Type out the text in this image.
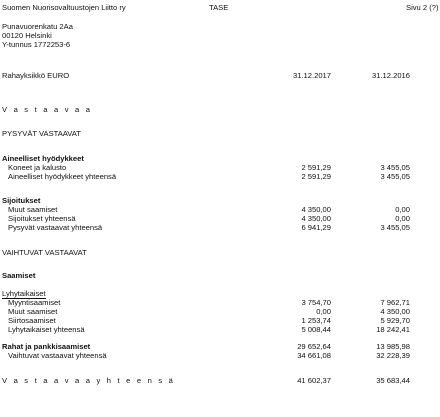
Suomen Nuorisovaltuustojen Liitto ry	TASE	Sivu 2 (?)
Punavuorenkatu 2Aa
00120 Helsinki
Y-tunnus 1772253-6
Rahayksikkö EURO	31.12.2017	31.12.2016
V a s t a a v a a
PYSYVÄT VASTAAVAT
Aineelliset hyödykkeet
Koneet ja kalusto	2 591,29	3 455,05
Aineelliset hyödykkeet yhteensä	2 591,29	3 455,05
Sijoitukset
Muut saamiset	4 350,00	0,00
Sijoitukset yhteensä	4 350,00	0,00
Pysyvät vastaavat yhteensä	6 941,29	3 455,05
VAIHTUVAT VASTAAVAT
Saamiset
Lyhytaikaiset
Myyntisaamiset	3 754,70	7 962,71
Muut saamiset	0,00	4 350,00
Siirtosaamiset	1 253,74	5 929,70
Lyhytaikaiset yhteensä	5 008,44	18 242,41
Rahat ja pankkisaamiset	29 652,64	13 985,98
Vaihtuvat vastaavat yhteensä	34 661,08	32 228,39
V a s t a a v a a y h t e e n s ä	41 602,37	35 683,44
